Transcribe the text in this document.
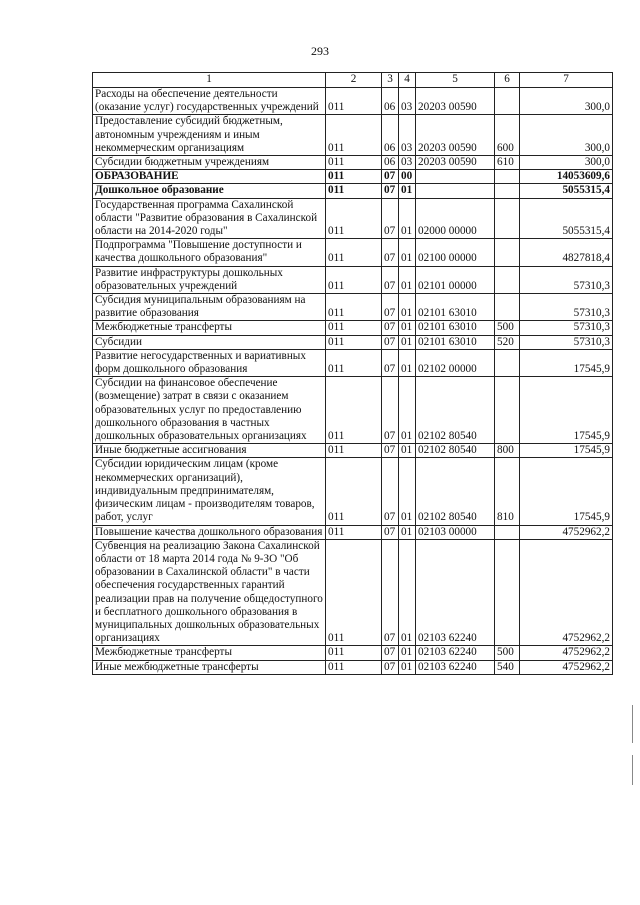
293
1	2	3	4	5	6	7
Расходы на обеспечение деятельности (оказание услуг) государственных учреждений	011	06	03	20203 00590		300,0
Предоставление субсидий бюджетным, автономным учреждениям и иным некоммерческим организациям	011	06	03	20203 00590	600	300,0
Субсидии бюджетным учреждениям	011	06	03	20203 00590	610	300,0
ОБРАЗОВАНИЕ	011	07	00			14053609,6
Дошкольное образование	011	07	01			5055315,4
Государственная программа Сахалинской области "Развитие образования в Сахалинской области на 2014-2020 годы"	011	07	01	02000 00000		5055315,4
Подпрограмма "Повышение доступности и качества дошкольного образования"	011	07	01	02100 00000		4827818,4
Развитие инфраструктуры дошкольных образовательных учреждений	011	07	01	02101 00000		57310,3
Субсидия муниципальным образованиям на развитие образования	011	07	01	02101 63010		57310,3
Межбюджетные трансферты	011	07	01	02101 63010	500	57310,3
Субсидии	011	07	01	02101 63010	520	57310,3
Развитие негосударственных и вариативных форм дошкольного образования	011	07	01	02102 00000		17545,9
Субсидии на финансовое обеспечение (возмещение) затрат в связи с оказанием образовательных услуг по предоставлению дошкольного образования в частных дошкольных образовательных организациях	011	07	01	02102 80540		17545,9
Иные бюджетные ассигнования	011	07	01	02102 80540	800	17545,9
Субсидии юридическим лицам (кроме некоммерческих организаций), индивидуальным предпринимателям, физическим лицам - производителям товаров, работ, услуг	011	07	01	02102 80540	810	17545,9
Повышение качества дошкольного образования	011	07	01	02103 00000		4752962,2
Субвенция на реализацию Закона Сахалинской области от 18 марта 2014 года № 9-ЗО "Об образовании в Сахалинской области" в части обеспечения государственных гарантий реализации прав на получение общедоступного и бесплатного дошкольного образования в муниципальных дошкольных образовательных организациях	011	07	01	02103 62240		4752962,2
Межбюджетные трансферты	011	07	01	02103 62240	500	4752962,2
Иные межбюджетные трансферты	011	07	01	02103 62240	540	4752962,2
